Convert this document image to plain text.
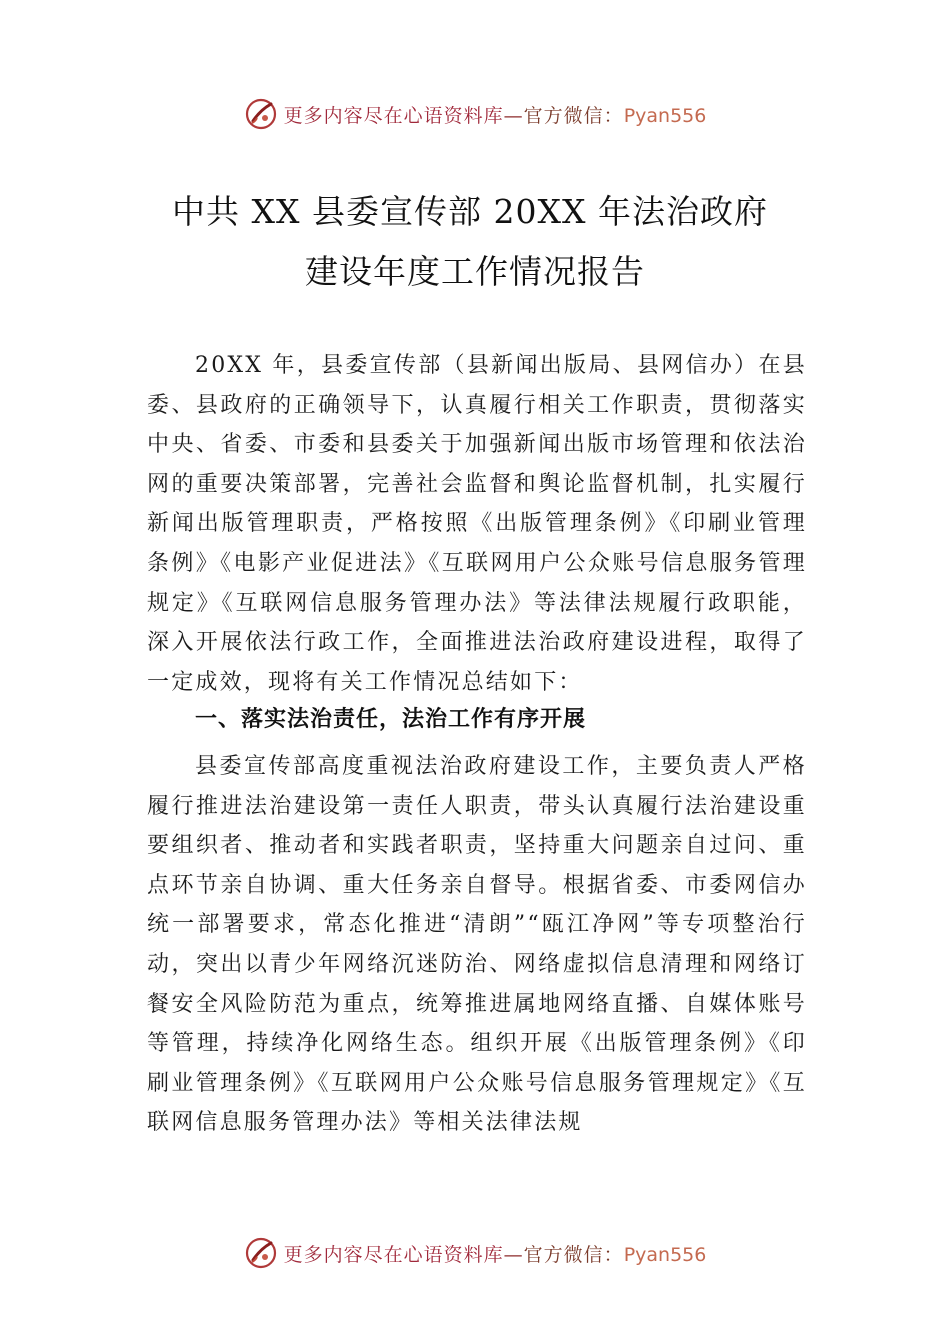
更多内容尽在心语资料库—官方微信：Pyan556
中共 XX 县委宣传部 20XX 年法治政府
建设年度工作情况报告

20XX 年，县委宣传部（县新闻出版局、县网信办）在县委、县政府的正确领导下，认真履行相关工作职责，贯彻落实中央、省委、市委和县委关于加强新闻出版市场管理和依法治网的重要决策部署，完善社会监督和舆论监督机制，扎实履行新闻出版管理职责，严格按照《出版管理条例》《印刷业管理条例》《电影产业促进法》《互联网用户公众账号信息服务管理规定》《互联网信息服务管理办法》等法律法规履行政职能，深入开展依法行政工作，全面推进法治政府建设进程，取得了一定成效，现将有关工作情况总结如下：

一、落实法治责任，法治工作有序开展

县委宣传部高度重视法治政府建设工作，主要负责人严格履行推进法治建设第一责任人职责，带头认真履行法治建设重要组织者、推动者和实践者职责，坚持重大问题亲自过问、重点环节亲自协调、重大任务亲自督导。根据省委、市委网信办统一部署要求，常态化推进“清朗”“瓯江净网”等专项整治行动，突出以青少年网络沉迷防治、网络虚拟信息清理和网络订餐安全风险防范为重点，统筹推进属地网络直播、自媒体账号等管理，持续净化网络生态。组织开展《出版管理条例》《印刷业管理条例》《互联网用户公众账号信息服务管理规定》《互联网信息服务管理办法》等相关法律法规

更多内容尽在心语资料库—官方微信：Pyan556
